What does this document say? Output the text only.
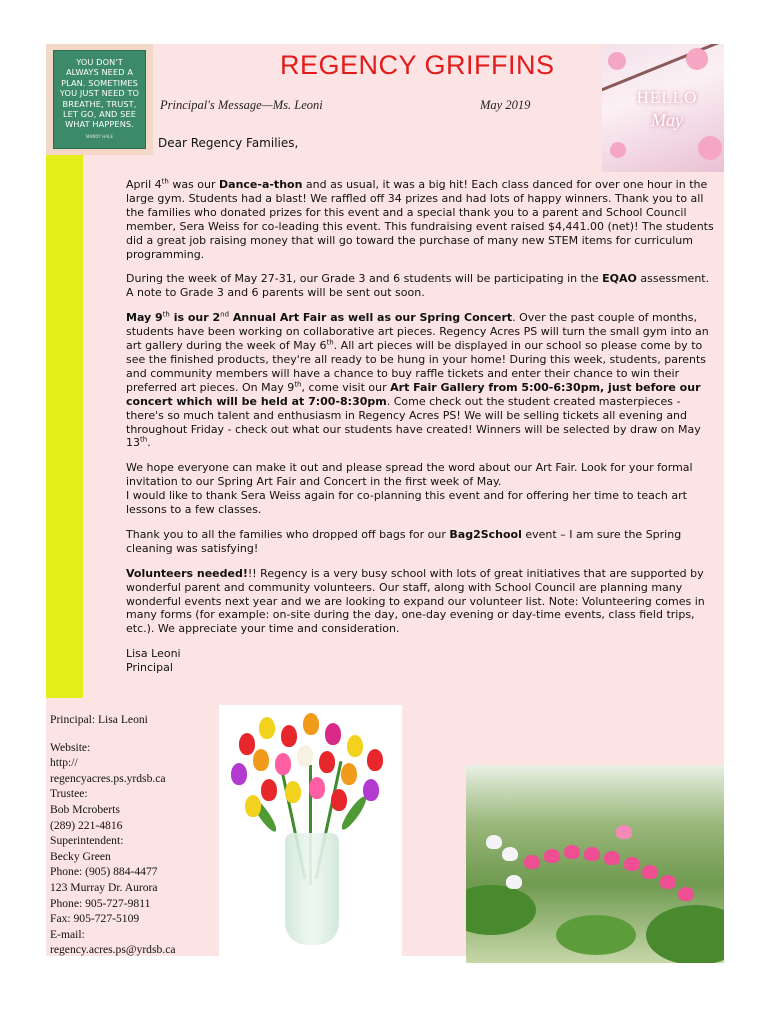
YOU DON'T
ALWAYS NEED A
PLAN. SOMETIMES
YOU JUST NEED TO
BREATHE, TRUST,
LET GO, AND SEE
WHAT HAPPENS.
MANDY HALE
REGENCY GRIFFINS
Principal's Message—Ms. Leoni	May 2019	HELLO
May
Dear Regency Families,

April 4th was our Dance-a-thon and as usual, it was a big hit! Each class danced for over one hour in the large gym. Students had a blast! We raffled off 34 prizes and had lots of happy winners. Thank you to all the families who donated prizes for this event and a special thank you to a parent and School Council member, Sera Weiss for co-leading this event. This fundraising event raised $4,441.00 (net)! The students did a great job raising money that will go toward the purchase of many new STEM items for curriculum programming.

During the week of May 27-31, our Grade 3 and 6 students will be participating in the EQAO assessment. A note to Grade 3 and 6 parents will be sent out soon.

May 9th is our 2nd Annual Art Fair as well as our Spring Concert. Over the past couple of months, students have been working on collaborative art pieces. Regency Acres PS will turn the small gym into an art gallery during the week of May 6th. All art pieces will be displayed in our school so please come by to see the finished products, they're all ready to be hung in your home! During this week, students, parents and community members will have a chance to buy raffle tickets and enter their chance to win their preferred art pieces. On May 9th, come visit our Art Fair Gallery from 5:00-6:30pm, just before our concert which will be held at 7:00-8:30pm. Come check out the student created masterpieces - there's so much talent and enthusiasm in Regency Acres PS! We will be selling tickets all evening and throughout Friday - check out what our students have created! Winners will be selected by draw on May 13th.

We hope everyone can make it out and please spread the word about our Art Fair. Look for your formal invitation to our Spring Art Fair and Concert in the first week of May.
I would like to thank Sera Weiss again for co-planning this event and for offering her time to teach art lessons to a few classes.

Thank you to all the families who dropped off bags for our Bag2School event – I am sure the Spring cleaning was satisfying!

Volunteers needed!!! Regency is a very busy school with lots of great initiatives that are supported by wonderful parent and community volunteers. Our staff, along with School Council are planning many wonderful events next year and we are looking to expand our volunteer list. Note: Volunteering comes in many forms (for example: on-site during the day, one-day evening or day-time events, class field trips, etc.). We appreciate your time and consideration.

Lisa Leoni
Principal
Principal: Lisa Leoni
Website:
http://
regencyacres.ps.yrdsb.ca
Trustee:
Bob Mcroberts
(289) 221-4816
Superintendent:
Becky Green
Phone: (905) 884-4477
123 Murray Dr. Aurora
Phone: 905-727-9811
Fax: 905-727-5109
E-mail:
regency.acres.ps@yrdsb.ca
